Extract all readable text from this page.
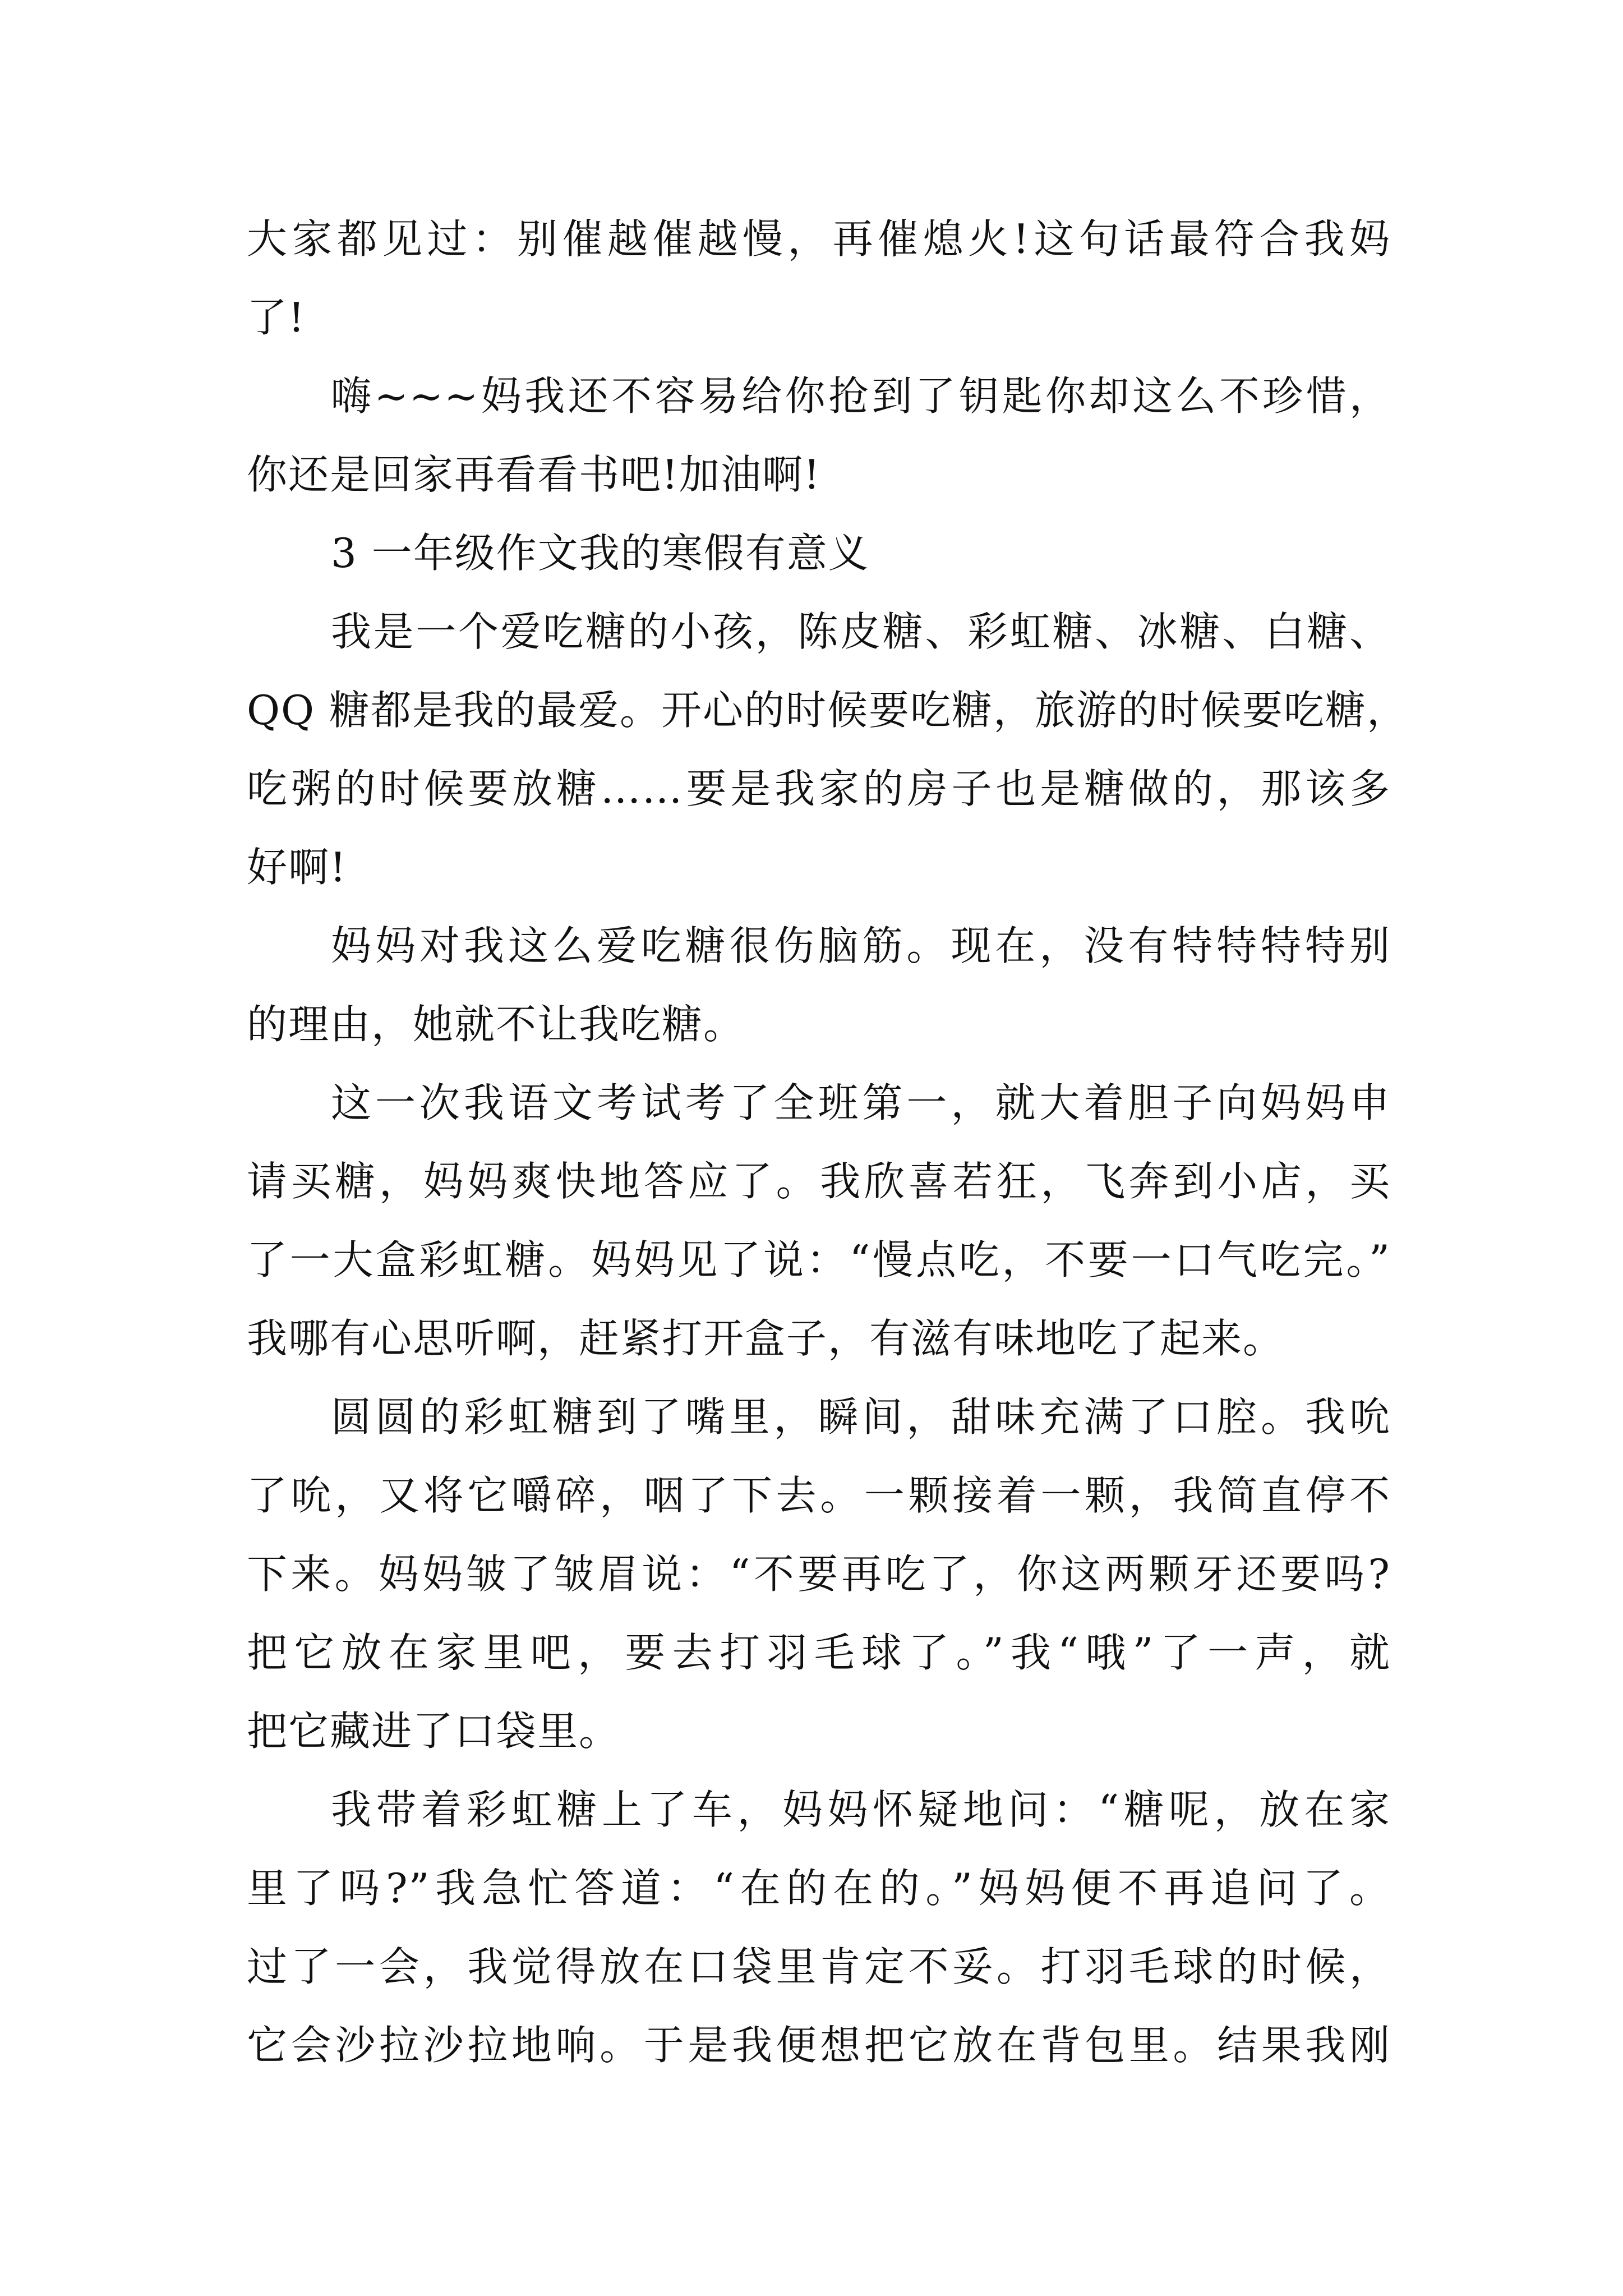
大家都见过：别催越催越慢，再催熄火!这句话最符合我妈
了!
嗨~~~妈我还不容易给你抢到了钥匙你却这么不珍惜，
你还是回家再看看书吧!加油啊!
3 一年级作文我的寒假有意义
我是一个爱吃糖的小孩，陈皮糖、彩虹糖、冰糖、白糖、
QQ 糖都是我的最爱。开心的时候要吃糖，旅游的时候要吃糖，
吃粥的时候要放糖……要是我家的房子也是糖做的，那该多
好啊!
妈妈对我这么爱吃糖很伤脑筋。现在，没有特特特特别
的理由，她就不让我吃糖。
这一次我语文考试考了全班第一，就大着胆子向妈妈申
请买糖，妈妈爽快地答应了。我欣喜若狂，飞奔到小店，买
了一大盒彩虹糖。妈妈见了说：“慢点吃，不要一口气吃完。”
我哪有心思听啊，赶紧打开盒子，有滋有味地吃了起来。
圆圆的彩虹糖到了嘴里，瞬间，甜味充满了口腔。我吮
了吮，又将它嚼碎，咽了下去。一颗接着一颗，我简直停不
下来。妈妈皱了皱眉说：“不要再吃了，你这两颗牙还要吗?
把它放在家里吧，要去打羽毛球了。”我“哦”了一声，就
把它藏进了口袋里。
我带着彩虹糖上了车，妈妈怀疑地问：“糖呢，放在家
里了吗?”我急忙答道：“在的在的。”妈妈便不再追问了。
过了一会，我觉得放在口袋里肯定不妥。打羽毛球的时候，
它会沙拉沙拉地响。于是我便想把它放在背包里。结果我刚
